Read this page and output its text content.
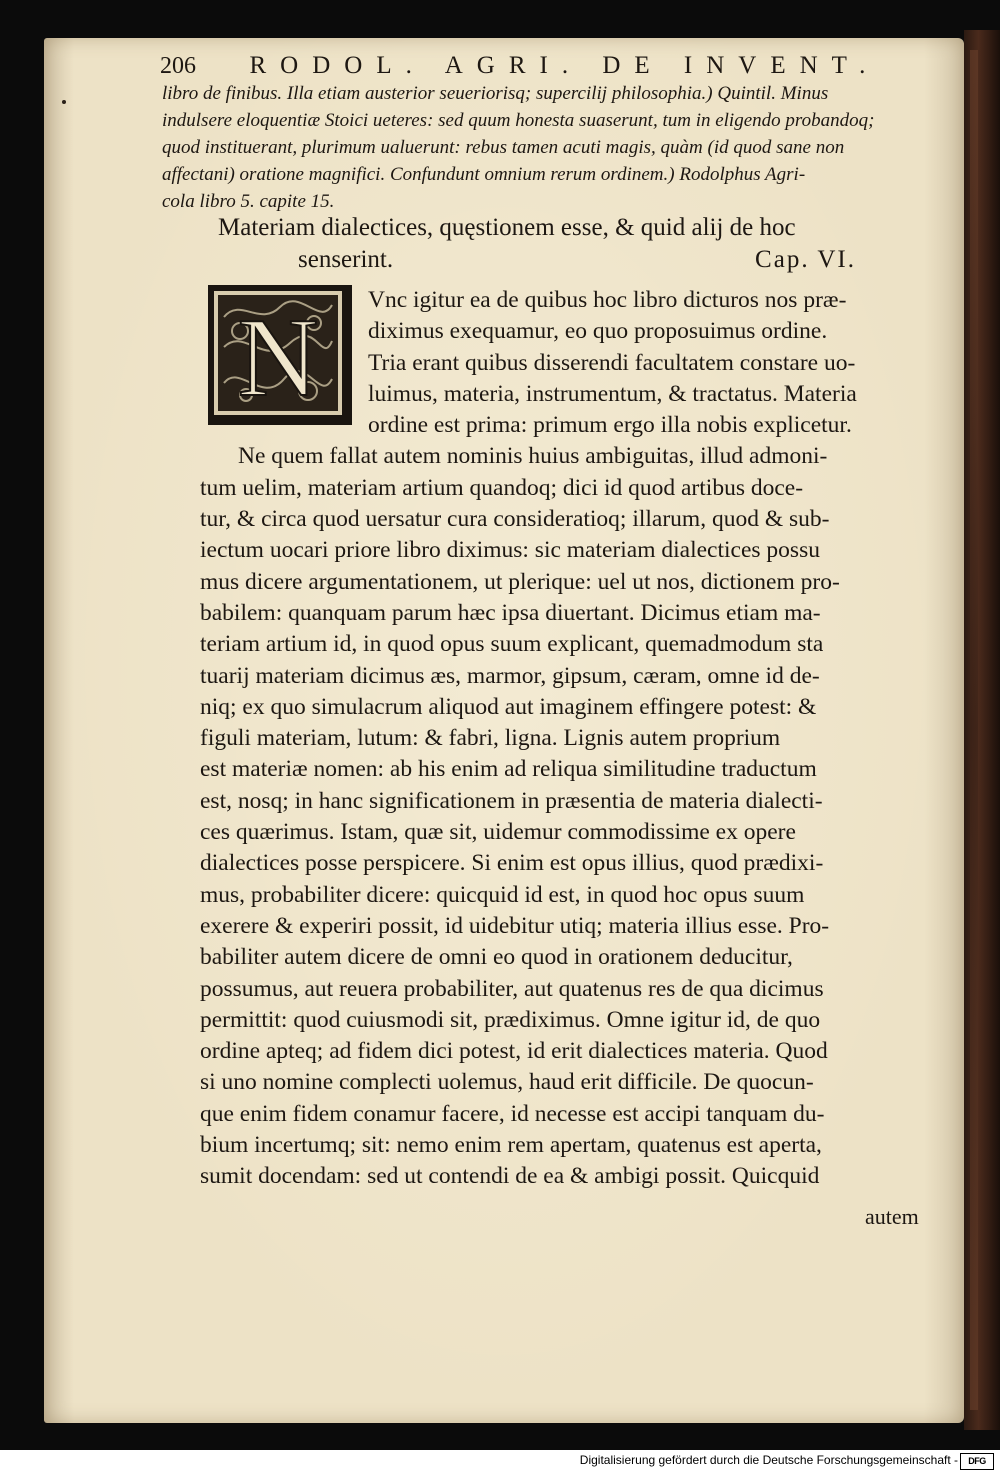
206 RODOL. AGRI. DE INVENT.
libro de finibus. Illa etiam austerior seueriorisq; supercilij philosophia.) Quintil. Minus
indulsere eloquentiæ Stoici ueteres: sed quum honesta suaserunt, tum in eligendo probandoq;
quod instituerant, plurimum ualuerunt: rebus tamen acuti magis, quàm (id quod sane non
affectani) oratione magnifici. Confundunt omnium rerum ordinem.) Rodolphus Agri-
cola libro 5. capite 15.
Materiam dialectices, quęstionem esse, & quid alij de hoc
senserint.	Cap. VI.
N	Vnc igitur ea de quibus hoc libro dicturos nos præ-
diximus exequamur, eo quo proposuimus ordine.
Tria erant quibus disserendi facultatem constare uo-
luimus, materia, instrumentum, & tractatus. Materia
ordine est prima: primum ergo illa nobis explicetur.
Ne quem fallat autem nominis huius ambiguitas, illud admoni-
tum uelim, materiam artium quandoq; dici id quod artibus doce-
tur, & circa quod uersatur cura consideratioq; illarum, quod & sub-
iectum uocari priore libro diximus: sic materiam dialectices possu
mus dicere argumentationem, ut plerique: uel ut nos, dictionem pro-
babilem: quanquam parum hæc ipsa diuertant. Dicimus etiam ma-
teriam artium id, in quod opus suum explicant, quemadmodum sta
tuarij materiam dicimus æs, marmor, gipsum, cæram, omne id de-
niq; ex quo simulacrum aliquod aut imaginem effingere potest: &
figuli materiam, lutum: & fabri, ligna. Lignis autem proprium
est materiæ nomen: ab his enim ad reliqua similitudine traductum
est, nosq; in hanc significationem in præsentia de materia dialecti-
ces quærimus. Istam, quæ sit, uidemur commodissime ex opere
dialectices posse perspicere. Si enim est opus illius, quod prædixi-
mus, probabiliter dicere: quicquid id est, in quod hoc opus suum
exerere & experiri possit, id uidebitur utiq; materia illius esse. Pro-
babiliter autem dicere de omni eo quod in orationem deducitur,
possumus, aut reuera probabiliter, aut quatenus res de qua dicimus
permittit: quod cuiusmodi sit, prædiximus. Omne igitur id, de quo
ordine apteq; ad fidem dici potest, id erit dialectices materia. Quod
si uno nomine complecti uolemus, haud erit difficile. De quocun-
que enim fidem conamur facere, id necesse est accipi tanquam du-
bium incertumq; sit: nemo enim rem apertam, quatenus est aperta,
sumit docendam: sed ut contendi de ea & ambigi possit. Quicquid
autem
Digitalisierung gefördert durch die Deutsche Forschungsgemeinschaft -	DFG
